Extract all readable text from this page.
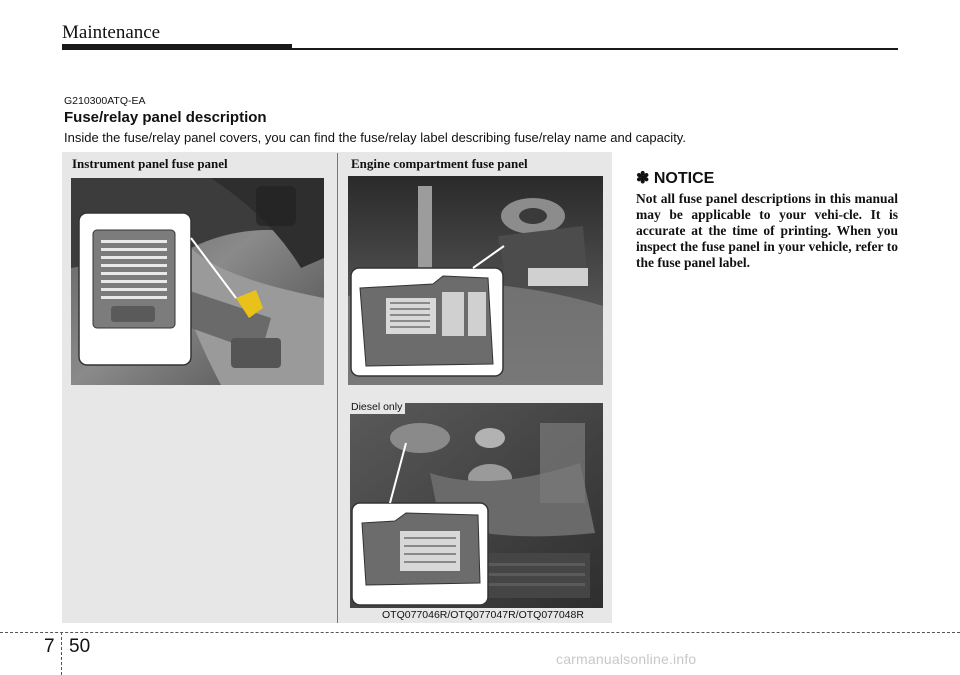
Maintenance
G210300ATQ-EA
Fuse/relay panel description
Inside the fuse/relay panel covers, you can find the fuse/relay label describing fuse/relay name and capacity.
Instrument panel fuse panel	Engine compartment fuse panel
Diesel only
OTQ077046R/OTQ077047R/OTQ077048R
✽ NOTICE
Not all fuse panel descriptions in this manual may be applicable to your vehi-cle. It is accurate at the time of printing. When you inspect the fuse panel in your vehicle, refer to the fuse panel label.
7 50
carmanualsonline.info
